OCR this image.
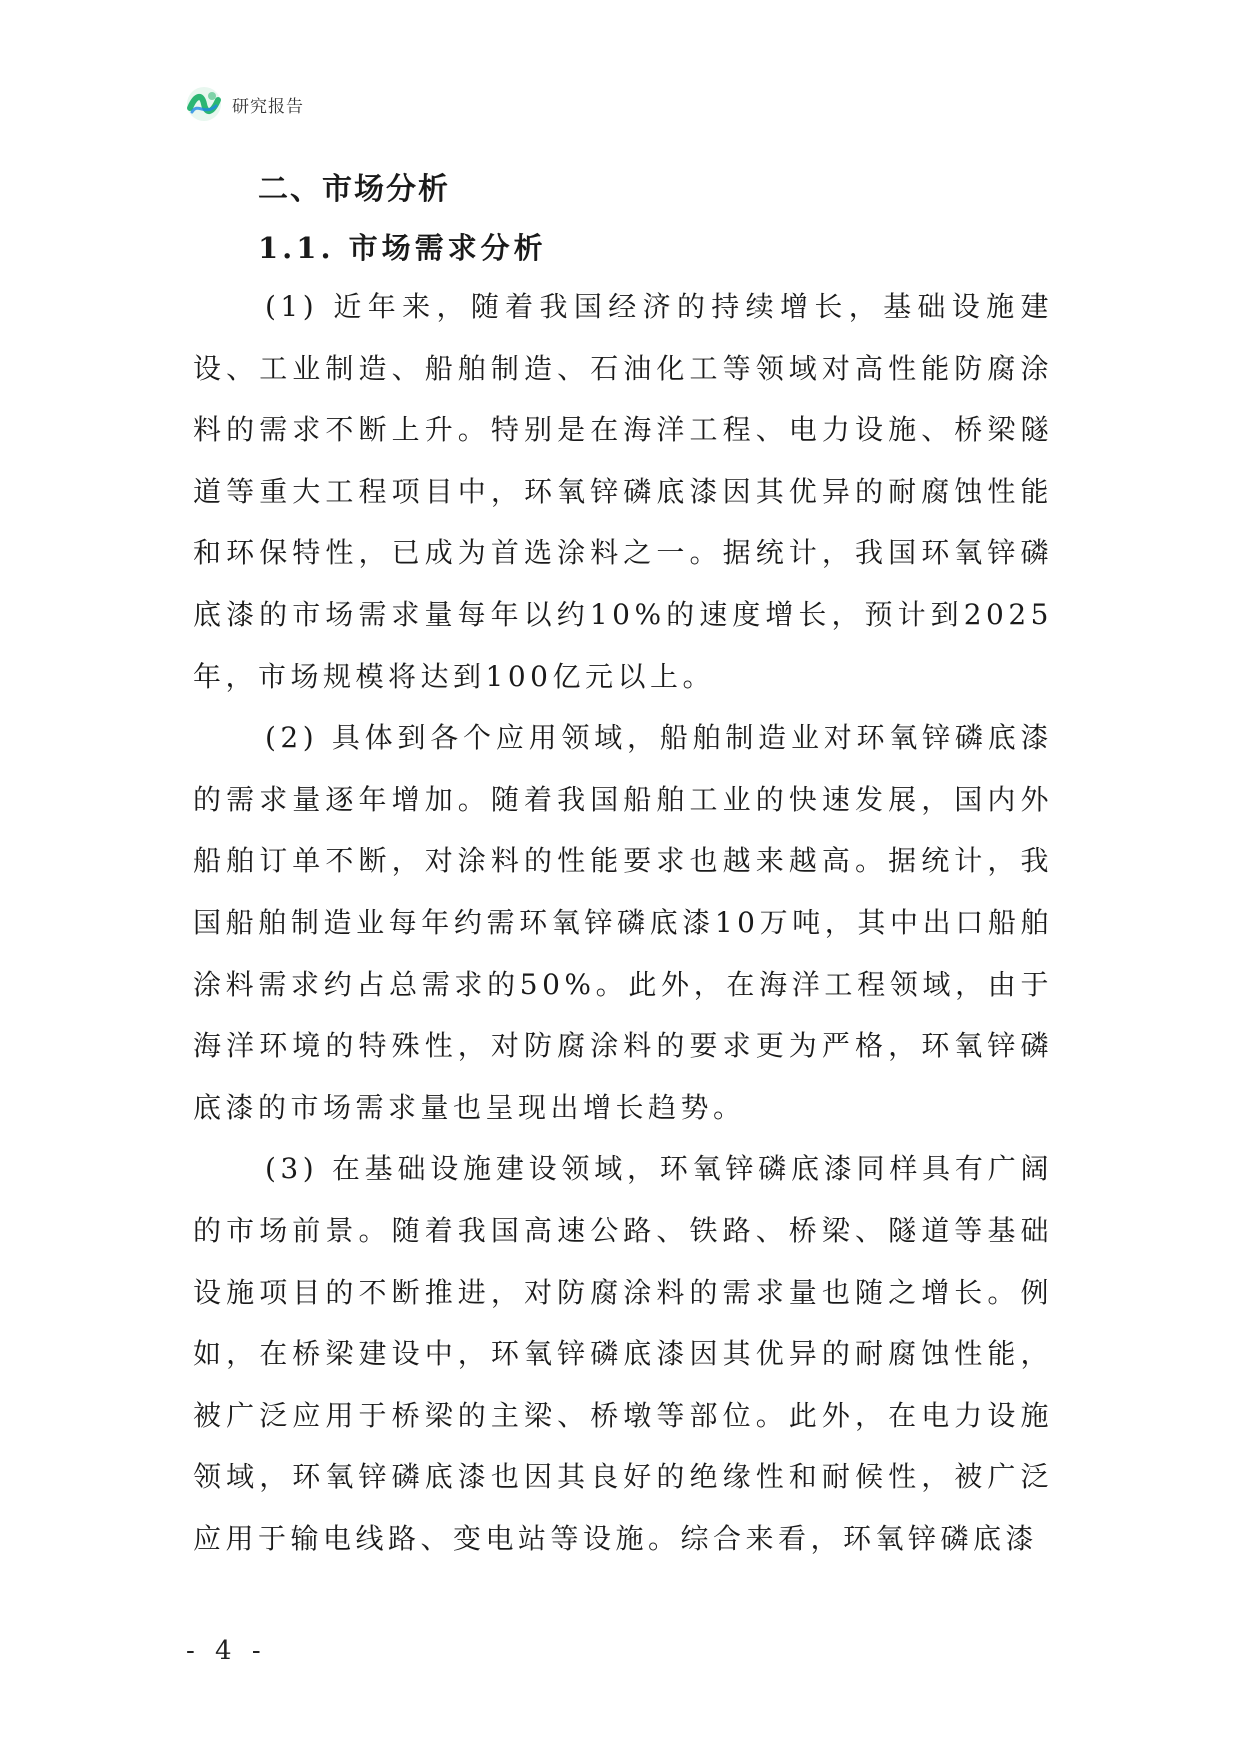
研究报告
二、市场分析
1.1. 市场需求分析

(1) 近年来，随着我国经济的持续增长，基础设施建设、工业制造、船舶制造、石油化工等领域对高性能防腐涂料的需求不断上升。特别是在海洋工程、电力设施、桥梁隧道等重大工程项目中，环氧锌磷底漆因其优异的耐腐蚀性能和环保特性，已成为首选涂料之一。据统计，我国环氧锌磷底漆的市场需求量每年以约10%的速度增长，预计到2025年，市场规模将达到100亿元以上。

(2) 具体到各个应用领域，船舶制造业对环氧锌磷底漆的需求量逐年增加。随着我国船舶工业的快速发展，国内外船舶订单不断，对涂料的性能要求也越来越高。据统计，我国船舶制造业每年约需环氧锌磷底漆10万吨，其中出口船舶涂料需求约占总需求的50%。此外，在海洋工程领域，由于海洋环境的特殊性，对防腐涂料的要求更为严格，环氧锌磷底漆的市场需求量也呈现出增长趋势。

(3) 在基础设施建设领域，环氧锌磷底漆同样具有广阔的市场前景。随着我国高速公路、铁路、桥梁、隧道等基础设施项目的不断推进，对防腐涂料的需求量也随之增长。例如，在桥梁建设中，环氧锌磷底漆因其优异的耐腐蚀性能，被广泛应用于桥梁的主梁、桥墩等部位。此外，在电力设施领域，环氧锌磷底漆也因其良好的绝缘性和耐候性，被广泛应用于输电线路、变电站等设施。综合来看，环氧锌磷底漆

- 4 -
